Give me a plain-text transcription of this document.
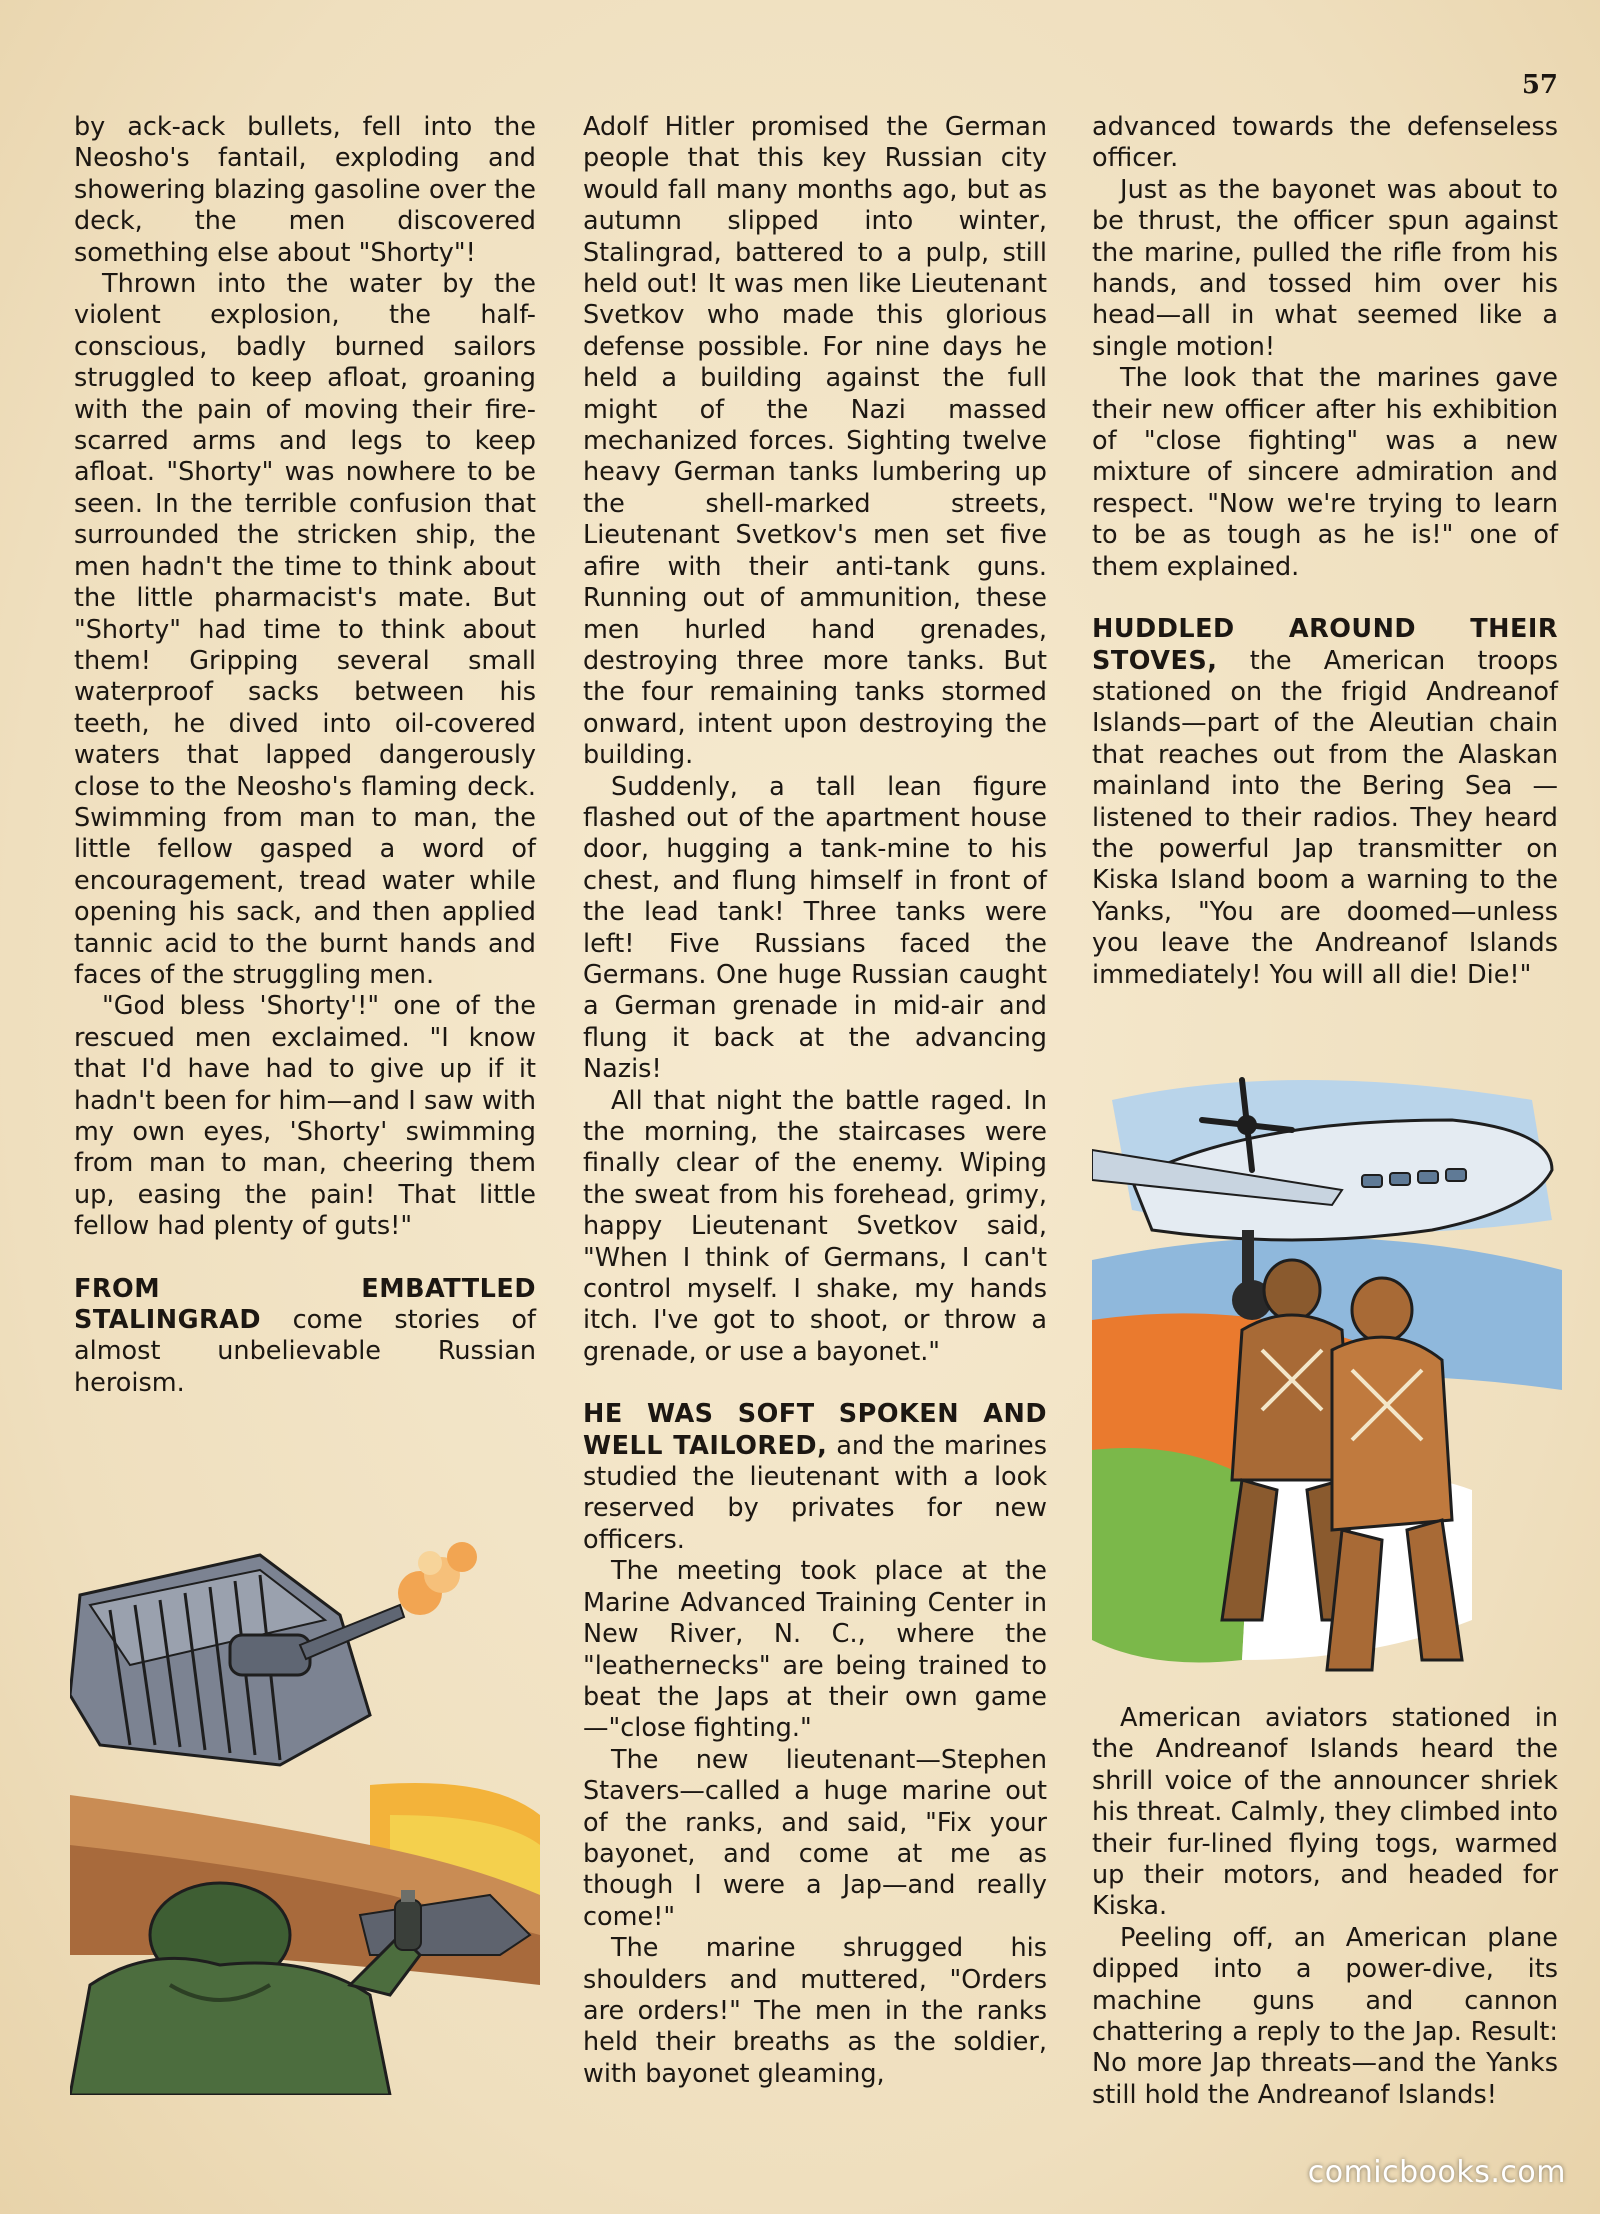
57

by ack-ack bullets, fell into the Neosho's fantail, exploding and showering blazing gasoline over the deck, the men discovered something else about "Shorty"!

Thrown into the water by the violent explosion, the half-conscious, badly burned sailors struggled to keep afloat, groaning with the pain of moving their fire-scarred arms and legs to keep afloat. "Shorty" was nowhere to be seen. In the terrible confusion that surrounded the stricken ship, the men hadn't the time to think about the little pharmacist's mate. But "Shorty" had time to think about them! Gripping several small waterproof sacks between his teeth, he dived into oil-covered waters that lapped dangerously close to the Neosho's flaming deck. Swimming from man to man, the little fellow gasped a word of encouragement, tread water while opening his sack, and then applied tannic acid to the burnt hands and faces of the struggling men.

"God bless 'Shorty'!" one of the rescued men exclaimed. "I know that I'd have had to give up if it hadn't been for him—and I saw with my own eyes, 'Shorty' swimming from man to man, cheering them up, easing the pain! That little fellow had plenty of guts!"

FROM EMBATTLED STALINGRAD come stories of almost unbelievable Russian heroism.

Adolf Hitler promised the German people that this key Russian city would fall many months ago, but as autumn slipped into winter, Stalingrad, battered to a pulp, still held out! It was men like Lieutenant Svetkov who made this glorious defense possible. For nine days he held a building against the full might of the Nazi massed mechanized forces. Sighting twelve heavy German tanks lumbering up the shell-marked streets, Lieutenant Svetkov's men set five afire with their anti-tank guns. Running out of ammunition, these men hurled hand grenades, destroying three more tanks. But the four remaining tanks stormed onward, intent upon destroying the building.

Suddenly, a tall lean figure flashed out of the apartment house door, hugging a tank-mine to his chest, and flung himself in front of the lead tank! Three tanks were left! Five Russians faced the Germans. One huge Russian caught a German grenade in mid-air and flung it back at the advancing Nazis!

All that night the battle raged. In the morning, the staircases were finally clear of the enemy. Wiping the sweat from his forehead, grimy, happy Lieutenant Svetkov said, "When I think of Germans, I can't control myself. I shake, my hands itch. I've got to shoot, or throw a grenade, or use a bayonet."

HE WAS SOFT SPOKEN AND WELL TAILORED, and the marines studied the lieutenant with a look reserved by privates for new officers.

The meeting took place at the Marine Advanced Training Center in New River, N. C., where the "leathernecks" are being trained to beat the Japs at their own game—"close fighting."

The new lieutenant—Stephen Stavers—called a huge marine out of the ranks, and said, "Fix your bayonet, and come at me as though I were a Jap—and really come!"

The marine shrugged his shoulders and muttered, "Orders are orders!" The men in the ranks held their breaths as the soldier, with bayonet gleaming,

advanced towards the defenseless officer.

Just as the bayonet was about to be thrust, the officer spun against the marine, pulled the rifle from his hands, and tossed him over his head—all in what seemed like a single motion!

The look that the marines gave their new officer after his exhibition of "close fighting" was a new mixture of sincere admiration and respect. "Now we're trying to learn to be as tough as he is!" one of them explained.

HUDDLED AROUND THEIR STOVES, the American troops stationed on the frigid Andreanof Islands—part of the Aleutian chain that reaches out from the Alaskan mainland into the Bering Sea — listened to their radios. They heard the powerful Jap transmitter on Kiska Island boom a warning to the Yanks, "You are doomed—unless you leave the Andreanof Islands immediately! You will all die! Die!"

American aviators stationed in the Andreanof Islands heard the shrill voice of the announcer shriek his threat. Calmly, they climbed into their fur-lined flying togs, warmed up their motors, and headed for Kiska.

Peeling off, an American plane dipped into a power-dive, its machine guns and cannon chattering a reply to the Jap. Result: No more Jap threats—and the Yanks still hold the Andreanof Islands!

comicbooks.com
